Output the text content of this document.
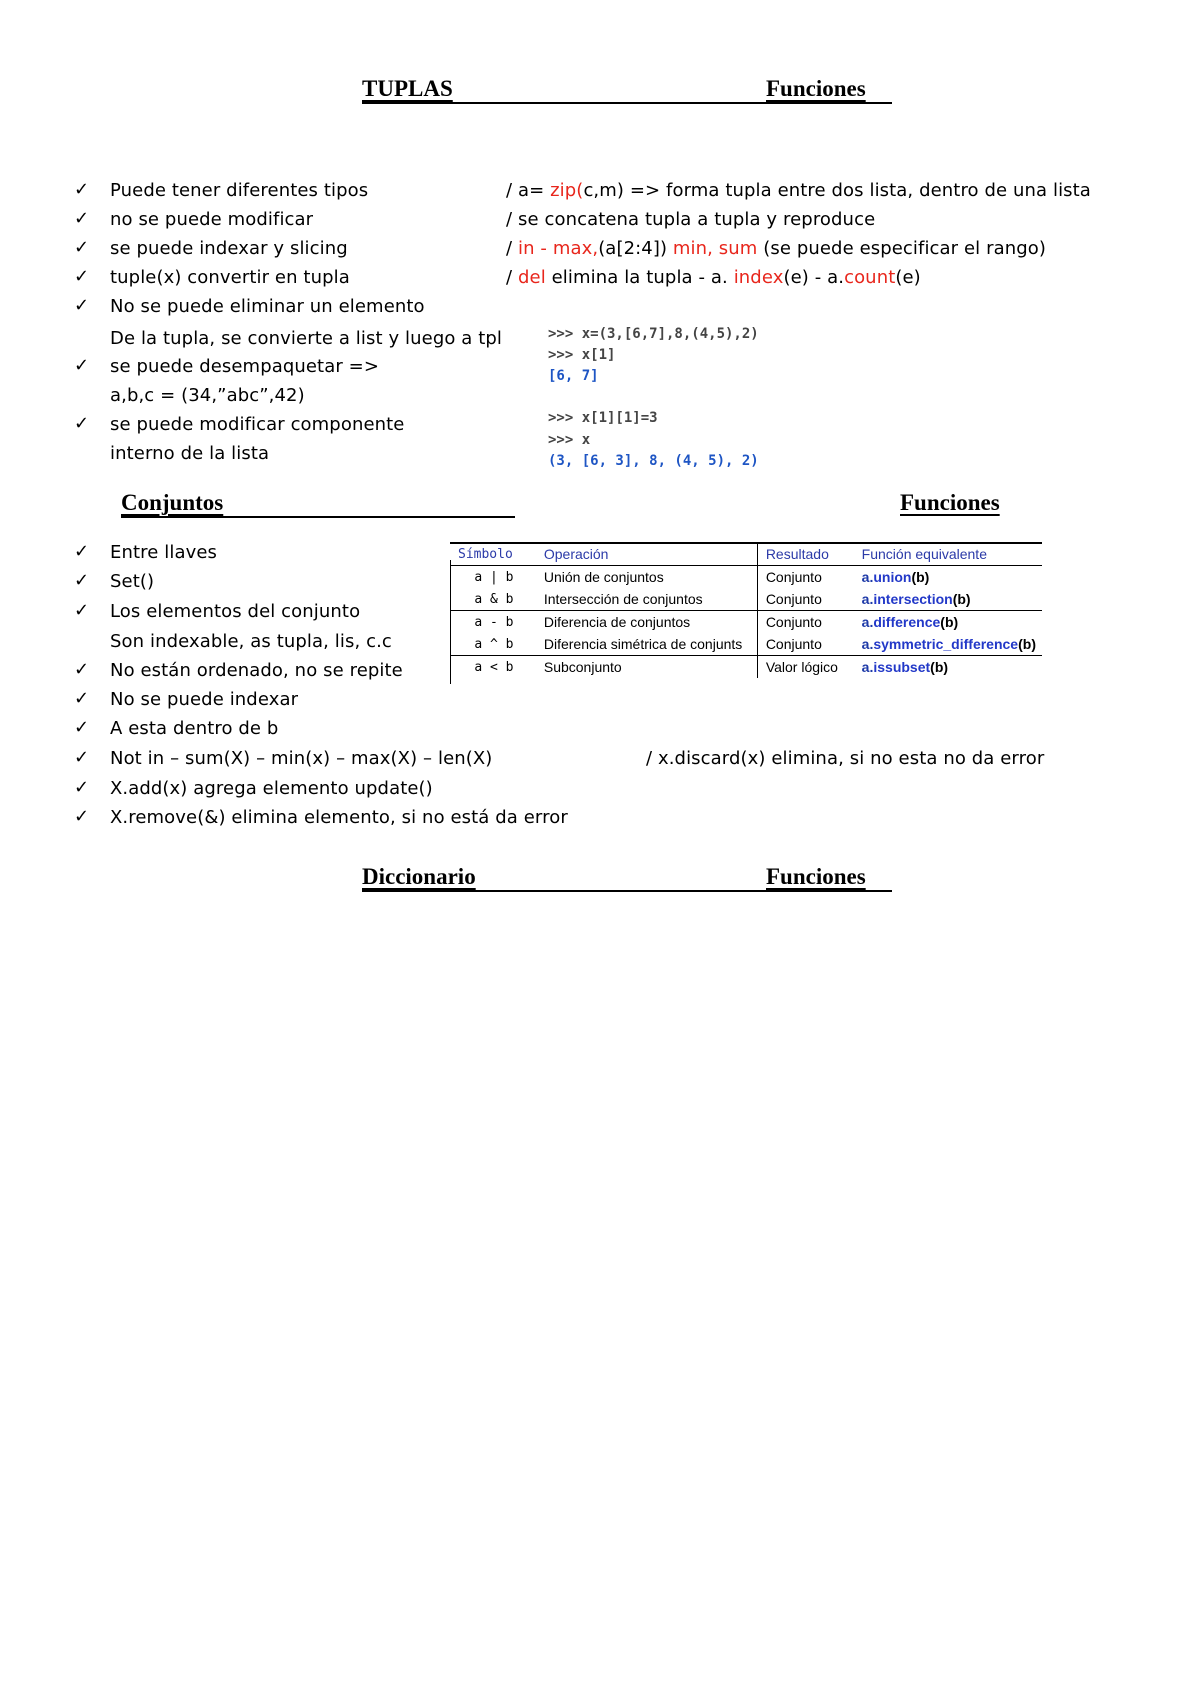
TUPLAS	Funciones
✓ Puede tener diferentes tipos
✓ no se puede modificar
✓ se puede indexar y slicing
✓ tuple(x) convertir en tupla
✓ No se puede eliminar un elemento
De la tupla, se convierte a list y luego a tpl
✓ se puede desempaquetar =>
a,b,c = (34,”abc”,42)
✓ se puede modificar componente
interno de la lista
/ a= zip(c,m) => forma tupla entre dos lista, dentro de una lista
/ se concatena tupla a tupla y reproduce
/ in - max,(a[2:4]) min, sum (se puede especificar el rango)
/ del elimina la tupla - a. index(e) - a.count(e)
>>> x=(3,[6,7],8,(4,5),2)
>>> x[1]
[6, 7]
>>> x[1][1]=3
>>> x
(3, [6, 3], 8, (4, 5), 2)
Conjuntos	Funciones
✓ Entre llaves
✓ Set()
✓ Los elementos del conjunto
Son indexable, as tupla, lis, c.c
✓ No están ordenado, no se repite
✓ No se puede indexar
✓ A esta dentro de b
✓ Not in – sum(X) – min(x) – max(X) – len(X)
✓ X.add(x) agrega elemento update()
✓ X.remove(&) elimina elemento, si no está da error
/ x.discard(x) elimina, si no esta no da error
Símbolo	Operación	Resultado	Función equivalente
a | b	Unión de conjuntos	Conjunto	a.union(b)
a & b	Intersección de conjuntos	Conjunto	a.intersection(b)
a - b	Diferencia de conjuntos	Conjunto	a.difference(b)
a ^ b	Diferencia simétrica de conjunts	Conjunto	a.symmetric_difference(b)
a < b	Subconjunto	Valor lógico	a.issubset(b)
Diccionario	Funciones
